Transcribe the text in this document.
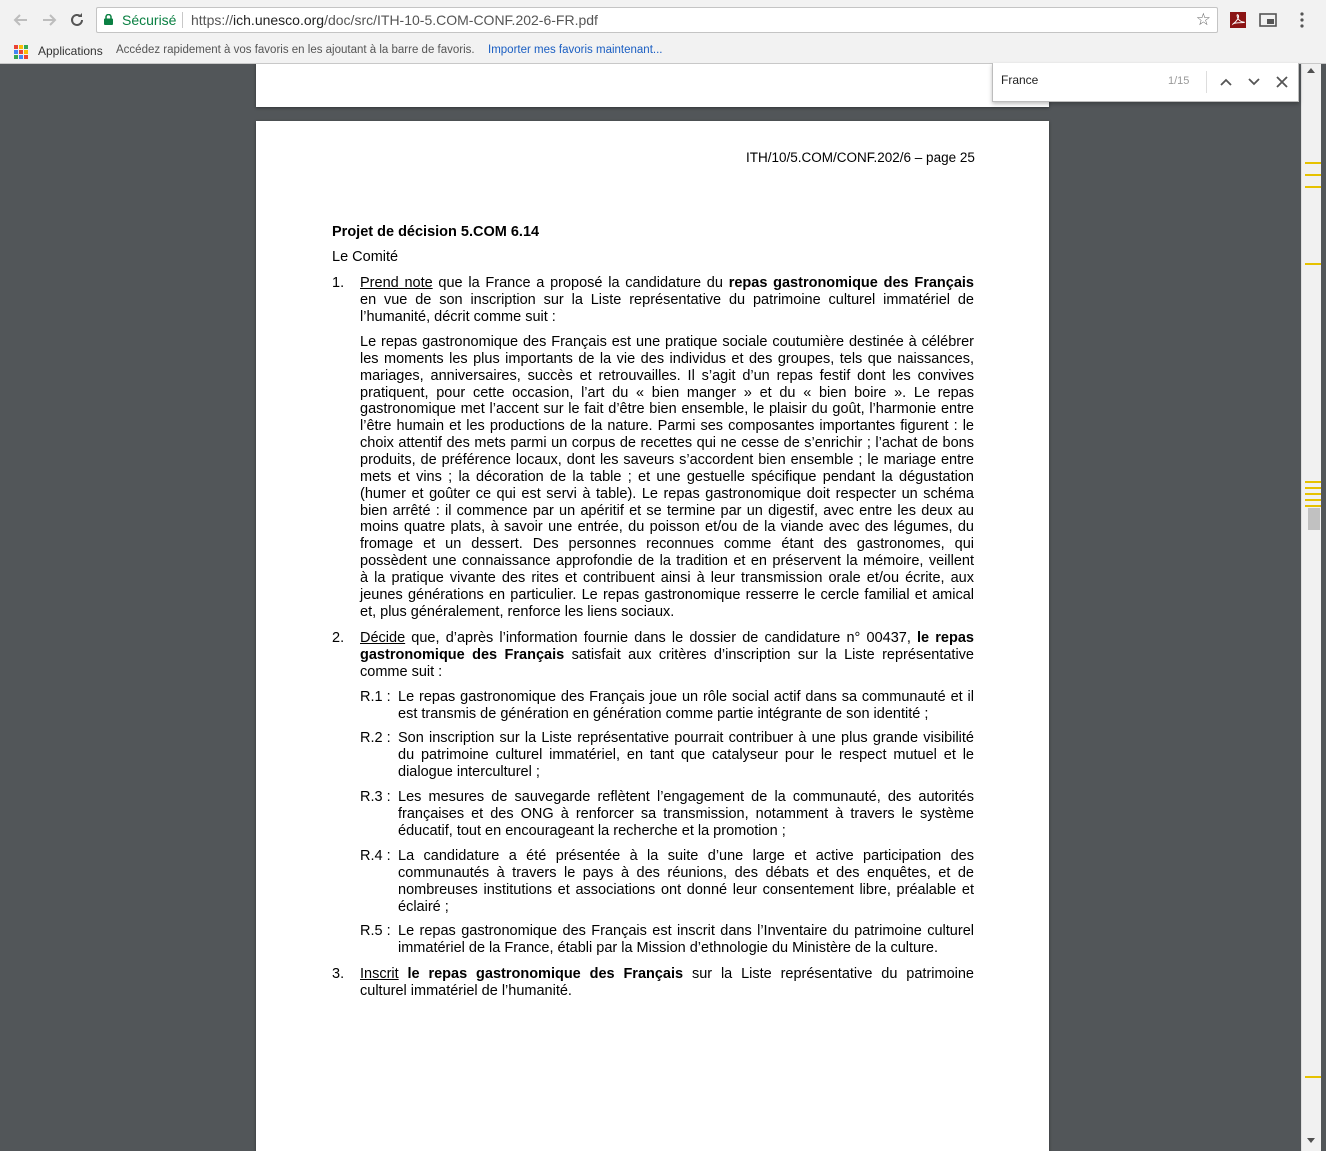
Sécurisé https://ich.unesco.org/doc/src/ITH-10-5.COM-CONF.202-6-FR.pdf	☆
Applications Accédez rapidement à vos favoris en les ajoutant à la barre de favoris. Importer mes favoris maintenant...
ITH/10/5.COM/CONF.202/6 – page 25
Projet de décision 5.COM 6.14
Le Comité
1. Prend note que la France a proposé la candidature du repas gastronomique des Français
en vue de son inscription sur la Liste représentative du patrimoine culturel immatériel de
l’humanité, décrit comme suit :
Le repas gastronomique des Français est une pratique sociale coutumière destinée à célébrer
les moments les plus importants de la vie des individus et des groupes, tels que naissances,
mariages, anniversaires, succès et retrouvailles. Il s’agit d’un repas festif dont les convives
pratiquent, pour cette occasion, l’art du « bien manger » et du « bien boire ». Le repas
gastronomique met l’accent sur le fait d’être bien ensemble, le plaisir du goût, l’harmonie entre
l’être humain et les productions de la nature. Parmi ses composantes importantes figurent : le
choix attentif des mets parmi un corpus de recettes qui ne cesse de s’enrichir ; l’achat de bons
produits, de préférence locaux, dont les saveurs s’accordent bien ensemble ; le mariage entre
mets et vins ; la décoration de la table ; et une gestuelle spécifique pendant la dégustation
(humer et goûter ce qui est servi à table). Le repas gastronomique doit respecter un schéma
bien arrêté : il commence par un apéritif et se termine par un digestif, avec entre les deux au
moins quatre plats, à savoir une entrée, du poisson et/ou de la viande avec des légumes, du
fromage et un dessert. Des personnes reconnues comme étant des gastronomes, qui
possèdent une connaissance approfondie de la tradition et en préservent la mémoire, veillent
à la pratique vivante des rites et contribuent ainsi à leur transmission orale et/ou écrite, aux
jeunes générations en particulier. Le repas gastronomique resserre le cercle familial et amical
et, plus généralement, renforce les liens sociaux.
2. Décide que, d’après l’information fournie dans le dossier de candidature n° 00437, le repas
gastronomique des Français satisfait aux critères d’inscription sur la Liste représentative
comme suit :
R.1 : Le repas gastronomique des Français joue un rôle social actif dans sa communauté et il
est transmis de génération en génération comme partie intégrante de son identité ;
R.2 : Son inscription sur la Liste représentative pourrait contribuer à une plus grande visibilité
du patrimoine culturel immatériel, en tant que catalyseur pour le respect mutuel et le
dialogue interculturel ;
R.3 : Les mesures de sauvegarde reflètent l’engagement de la communauté, des autorités
françaises et des ONG à renforcer sa transmission, notamment à travers le système
éducatif, tout en encourageant la recherche et la promotion ;
R.4 : La candidature a été présentée à la suite d’une large et active participation des
communautés à travers le pays à des réunions, des débats et des enquêtes, et de
nombreuses institutions et associations ont donné leur consentement libre, préalable et
éclairé ;
R.5 : Le repas gastronomique des Français est inscrit dans l’Inventaire du patrimoine culturel
immatériel de la France, établi par la Mission d’ethnologie du Ministère de la culture.
3. Inscrit le repas gastronomique des Français sur la Liste représentative du patrimoine
culturel immatériel de l’humanité.
France
1/15
